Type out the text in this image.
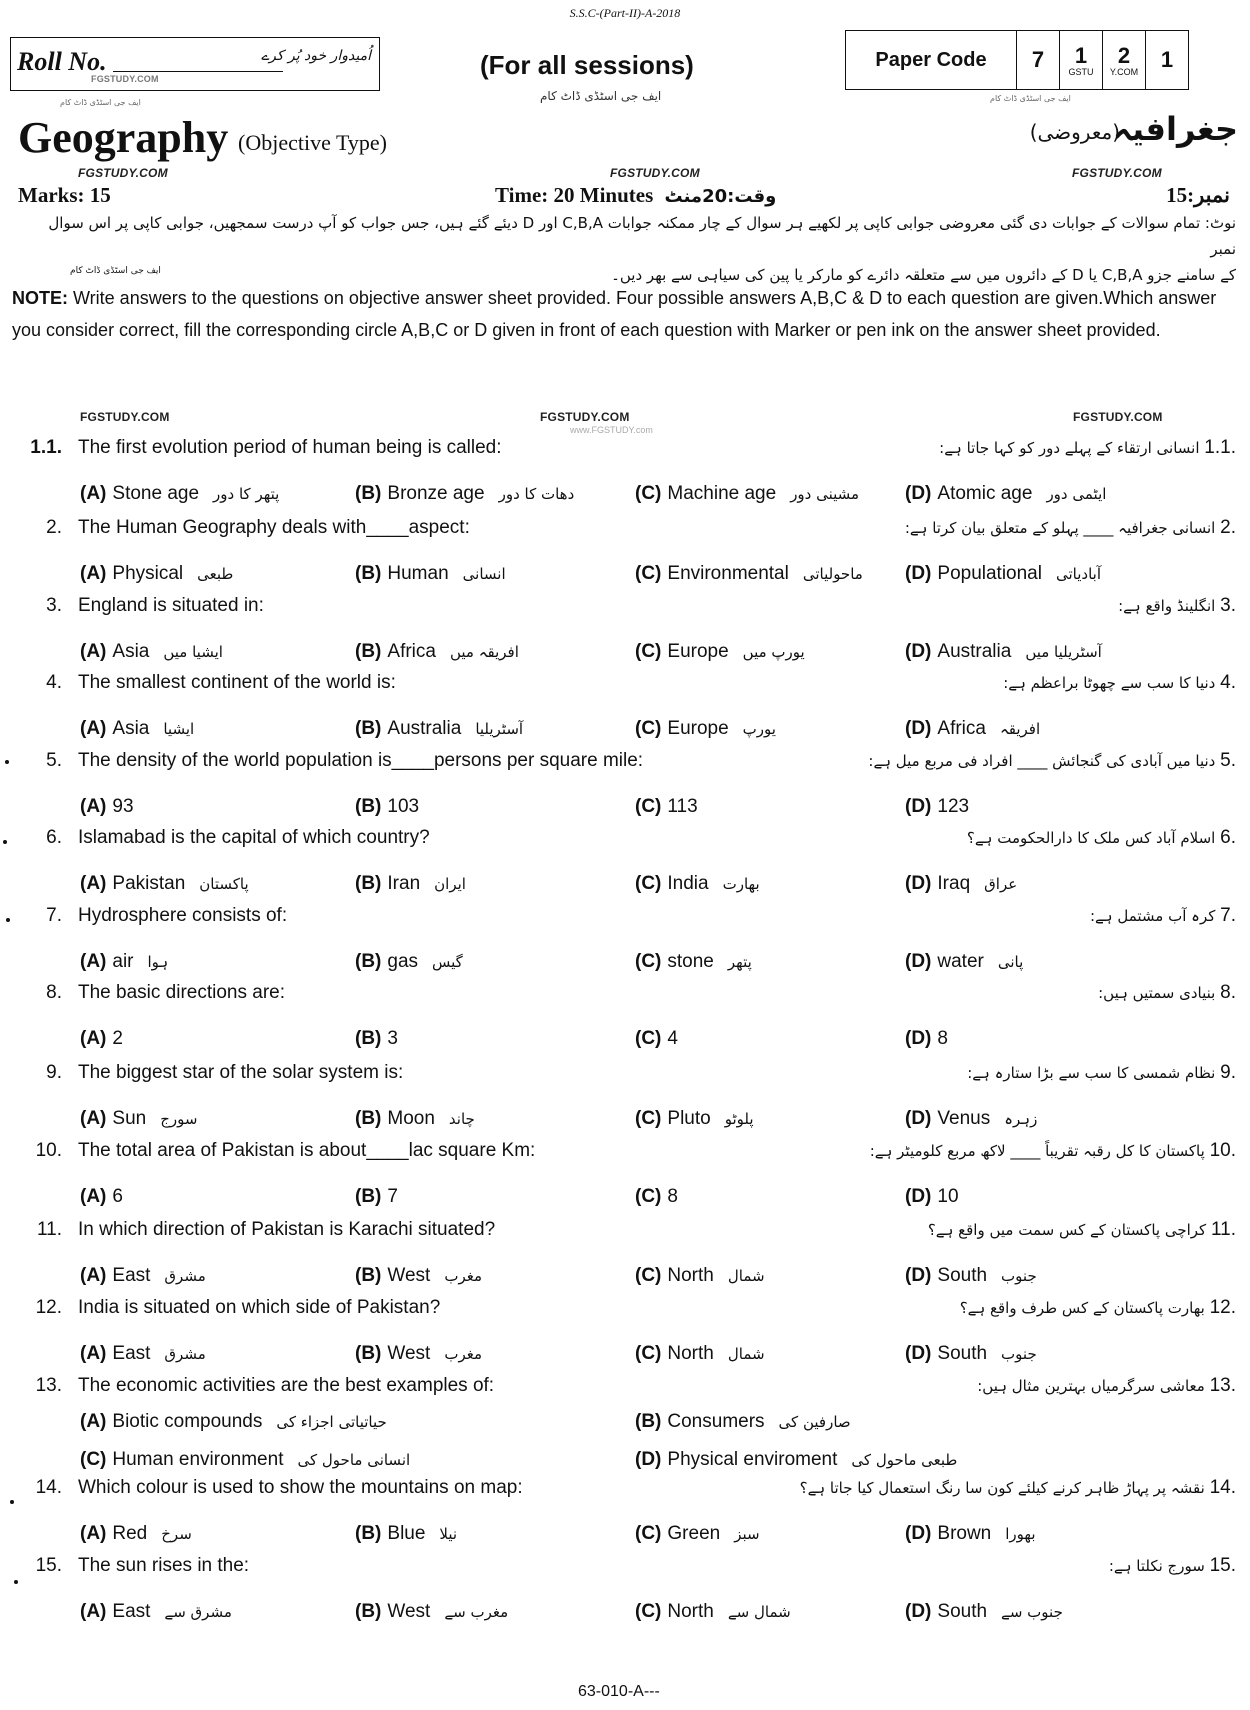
S.S.C-(Part-II)-A-2018
Roll No.	اُمیدوار خود پُر کرے
FGSTUDY.COM
ایف جی اسٹڈی ڈاٹ کام
(For all sessions)
ایف جی اسٹڈی ڈاٹ کام
Paper Code	7 1
GSTU
2
Y.COM 1
ایف جی اسٹڈی ڈاٹ کام
Geography (Objective Type)	جغرافیہ
(معروضی)
FGSTUDY.COM	FGSTUDY.COM	FGSTUDY.COM
Marks: 15	Time: 20 Minutes وقت:20منٹ	نمبر:15
نوٹ: تمام سوالات کے جوابات دی گئی معروضی جوابی کاپی پر لکھیے ہر سوال کے چار ممکنہ جوابات C,B,A اور D دیئے گئے ہیں، جس جواب کو آپ درست سمجھیں، جوابی کاپی پر اس سوال نمبر
کے سامنے جزو C,B,A یا D کے دائروں میں سے متعلقہ دائرے کو مارکر یا پین کی سیاہی سے بھر دیں۔
ایف جی اسٹڈی ڈاٹ کام
NOTE: Write answers to the questions on objective answer sheet provided. Four possible answers A,B,C & D to each question are given.Which answer you consider correct, fill the corresponding circle A,B,C or D given in front of each question with Marker or pen ink on the answer sheet provided.
FGSTUDY.COM	FGSTUDY.COM
www.FGSTUDY.com
FGSTUDY.COM
1.1. The first evolution period of human being is called:	.1.1 انسانی ارتقاء کے پہلے دور کو کہا جاتا ہے:
(A) Stone age پتھر کا دور	(B) Bronze age دھات کا دور	(C) Machine age مشینی دور (D) Atomic age ایٹمی دور
2. The Human Geography deals with____aspect:	.2 انسانی جغرافیہ ____ پہلو کے متعلق بیان کرتا ہے:
(A) Physical طبعی	(B) Human انسانی	(C) Environmental ماحولیاتی (D) Populational آبادیاتی
3. England is situated in:	.3 انگلینڈ واقع ہے:
(A) Asia ایشیا میں	(B) Africa افریقہ میں	(C) Europe یورپ میں	(D) Australia آسٹریلیا میں
4. The smallest continent of the world is:	.4 دنیا کا سب سے چھوٹا براعظم ہے:
(A) Asia ایشیا	(B) Australia آسٹریلیا	(C) Europe یورپ	(D) Africa افریقہ
5. The density of the world population is____persons per square mile:	.5 دنیا میں آبادی کی گنجائش ____ افراد فی مربع میل ہے:
(A) 93	(B) 103	(C) 113	(D) 123
6. Islamabad is the capital of which country?	.6 اسلام آباد کس ملک کا دارالحکومت ہے؟
(A) Pakistan پاکستان	(B) Iran ایران	(C) India بھارت	(D) Iraq عراق
7. Hydrosphere consists of:	.7 کرہ آب مشتمل ہے:
(A) air ہوا	(B) gas گیس	(C) stone پتھر	(D) water پانی
8. The basic directions are:	.8 بنیادی سمتیں ہیں:
(A) 2	(B) 3	(C) 4	(D) 8
9. The biggest star of the solar system is:	.9 نظام شمسی کا سب سے بڑا ستارہ ہے:
(A) Sun سورج	(B) Moon چاند	(C) Pluto پلوٹو	(D) Venus زہرہ
10. The total area of Pakistan is about____lac square Km:	.10 پاکستان کا کل رقبہ تقریباً ____ لاکھ مربع کلومیٹر ہے:
(A) 6	(B) 7	(C) 8	(D) 10
11. In which direction of Pakistan is Karachi situated?	.11 کراچی پاکستان کے کس سمت میں واقع ہے؟
(A) East مشرق	(B) West مغرب	(C) North شمال	(D) South جنوب
12. India is situated on which side of Pakistan?	.12 بھارت پاکستان کے کس طرف واقع ہے؟
(A) East مشرق	(B) West مغرب	(C) North شمال	(D) South جنوب
13. The economic activities are the best examples of:	.13 معاشی سرگرمیاں بہترین مثال ہیں:
(A) Biotic compounds حیاتیاتی اجزاء کی	(B) Consumers صارفین کی
(C) Human environment انسانی ماحول کی	(D) Physical enviroment طبعی ماحول کی
14. Which colour is used to show the mountains on map:	.14 نقشہ پر پہاڑ ظاہر کرنے کیلئے کون سا رنگ استعمال کیا جاتا ہے؟
(A) Red سرخ	(B) Blue نیلا	(C) Green سبز	(D) Brown بھورا
15. The sun rises in the:	.15 سورج نکلتا ہے:
(A) East مشرق سے	(B) West مغرب سے	(C) North شمال سے	(D) South جنوب سے
63-010-A---
